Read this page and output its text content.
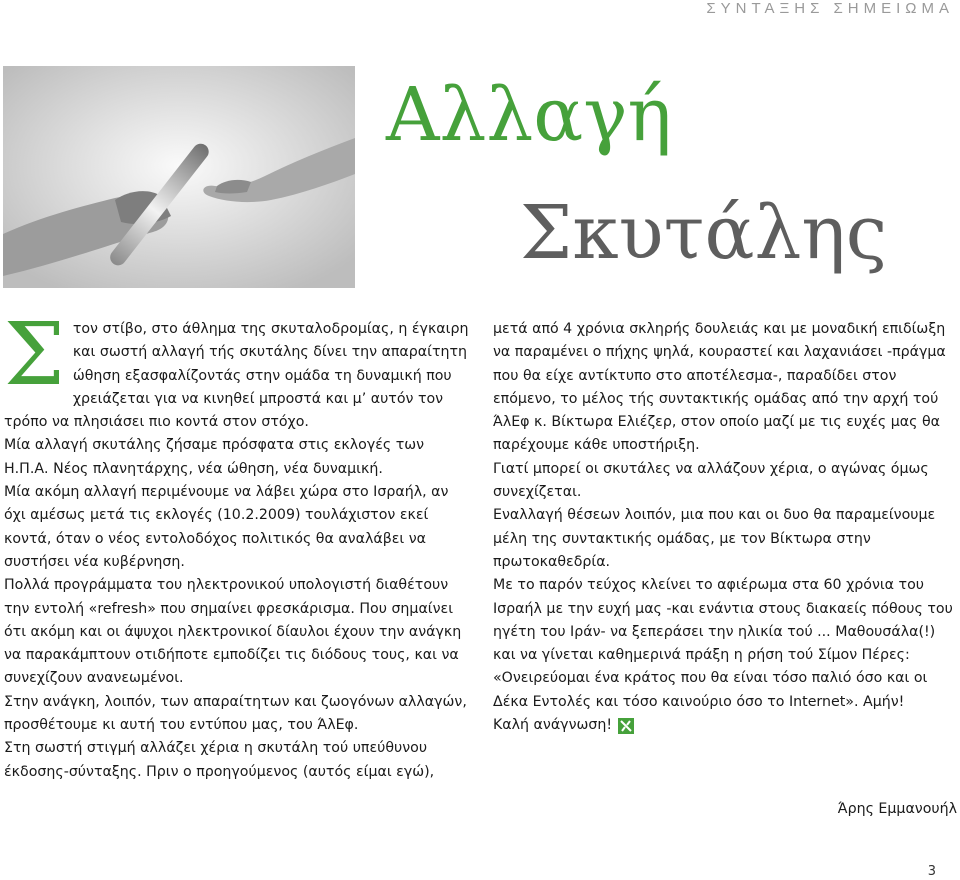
ΣΥΝΤΑΞΗΣ ΣΗΜΕΙΩΜΑ
Αλλαγή
Σκυτάλης
Σ τον στίβο, στο άθλημα της σκυταλοδρομίας, η έγκαιρη και σωστή αλλαγή τής σκυτάλης δίνει την απαραίτητη ώθηση εξασφαλίζοντάς στην ομάδα τη δυναμική που χρειάζεται για να κινηθεί μπροστά και μ’ αυτόν τον τρόπο να πλησιάσει πιο κοντά στον στόχο.

Μία αλλαγή σκυτάλης ζήσαμε πρόσφατα στις εκλογές των Η.Π.Α. Νέος πλανητάρχης, νέα ώθηση, νέα δυναμική.

Μία ακόμη αλλαγή περιμένουμε να λάβει χώρα στο Ισραήλ, αν όχι αμέσως μετά τις εκλογές (10.2.2009) τουλάχιστον εκεί κοντά, όταν ο νέος εντολοδόχος πολιτικός θα αναλάβει να συστήσει νέα κυβέρνηση.

Πολλά προγράμματα του ηλεκτρονικού υπολογιστή διαθέτουν την εντολή «refresh» που σημαίνει φρεσκάρισμα. Που σημαίνει ότι ακόμη και οι άψυχοι ηλεκτρονικοί δίαυλοι έχουν την ανάγκη να παρακάμπτουν οτιδήποτε εμποδίζει τις διόδους τους, και να συνεχίζουν ανανεωμένοι.

Στην ανάγκη, λοιπόν, των απαραίτητων και ζωογόνων αλλαγών, προσθέτουμε κι αυτή του εντύπου μας, του ΆλΕφ.

Στη σωστή στιγμή αλλάζει χέρια η σκυτάλη τού υπεύθυνου έκδοσης-σύνταξης. Πριν ο προηγούμενος (αυτός είμαι εγώ),

μετά από 4 χρόνια σκληρής δουλειάς και με μοναδική επιδίωξη να παραμένει ο πήχης ψηλά, κουραστεί και λαχανιάσει -πράγμα που θα είχε αντίκτυπο στο αποτέλεσμα-, παραδίδει στον επόμενο, το μέλος τής συντακτικής ομάδας από την αρχή τού ΆλΕφ κ. Βίκτωρα Ελιέζερ, στον οποίο μαζί με τις ευχές μας θα παρέχουμε κάθε υποστήριξη.

Γιατί μπορεί οι σκυτάλες να αλλάζουν χέρια, ο αγώνας όμως συνεχίζεται.

Εναλλαγή θέσεων λοιπόν, μια που και οι δυο θα παραμείνουμε μέλη της συντακτικής ομάδας, με τον Βίκτωρα στην πρωτοκαθεδρία.

Με το παρόν τεύχος κλείνει το αφιέρωμα στα 60 χρόνια του Ισραήλ με την ευχή μας -και ενάντια στους διακαείς πόθους του ηγέτη του Ιράν- να ξεπεράσει την ηλικία τού ... Μαθουσάλα(!) και να γίνεται καθημερινά πράξη η ρήση τού Σίμον Πέρες: «Ονειρεύομαι ένα κράτος που θα είναι τόσο παλιό όσο και οι Δέκα Εντολές και τόσο καινούριο όσο το Internet». Αμήν!

Καλή ανάγνωση!

Άρης Εμμανουήλ
3
